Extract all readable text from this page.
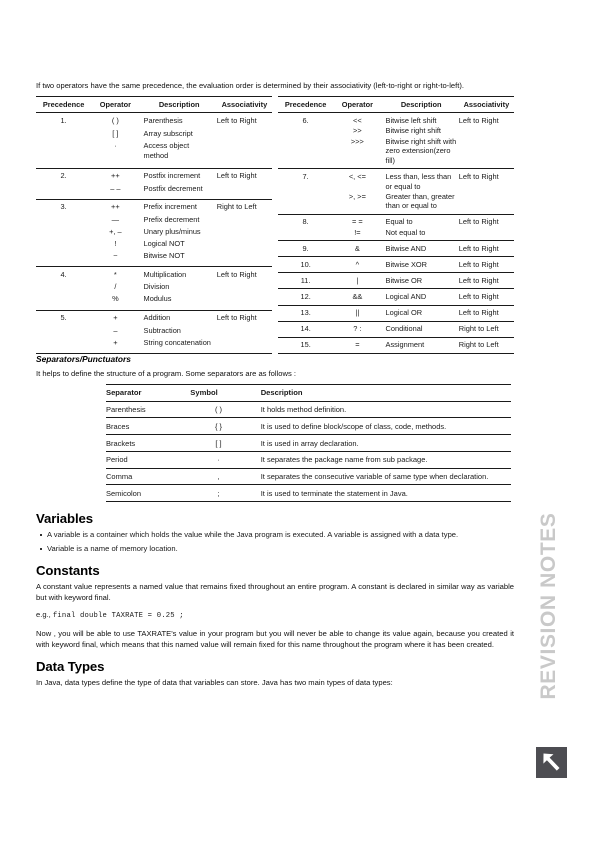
If two operators have the same precedence, the evaluation order is determined by their associativity (left-to-right or right-to-left).

Precedence	Operator	Description	Associativity
1.	( )	Parenthesis	Left to Right
	[ ]	Array subscript	
	·	Access object method	
2.	++	Postfix increment	Left to Right
	– –	Postfix decrement	
3.	++	Prefix increment	Right to Left
	—	Prefix decrement	
	+, –	Unary plus/minus	
	!	Logical NOT	
	~	Bitwise NOT	
4.	*	Multiplication	Left to Right
	/	Division	
	%	Modulus	
5.	+	Addition	Left to Right
	–	Subtraction	
	+	String concatenation	

Precedence	Operator	Description	Associativity
6.	<<	Bitwise left shift	Left to Right
	>>	Bitwise right shift	
	>>>	Bitwise right shift with zero extension(zero fill)	
7.	<, <=	Less than, less than or equal to	Left to Right
	>, >=	Greater than, greater than or equal to	
8.	= =	Equal to	Left to Right
	!=	Not equal to	
9.	&	Bitwise AND	Left to Right
10.	^	Bitwise XOR	Left to Right
11.	|	Bitwise OR	Left to Right
12.	&&	Logical AND	Left to Right
13.	||	Logical OR	Left to Right
14.	? :	Conditional	Right to Left
15.	=	Assignment	Right to Left

Separators/Punctuators

It helps to define the structure of a program. Some separators are as follows :

Separator	Symbol	Description
Parenthesis	( )	It holds method definition.
Braces	{ }	It is used to define block/scope of class, code, methods.
Brackets	[ ]	It is used in array declaration.
Period	·	It separates the package name from sub package.
Comma	,	It separates the consecutive variable of same type when declaration.
Semicolon	;	It is used to terminate the statement in Java.
Variables
A variable is a container which holds the value while the Java program is executed. A variable is assigned with a data type.
Variable is a name of memory location.
Constants

A constant value represents a named value that remains fixed throughout an entire program. A constant is declared in similar way as variable but with keyword final.

e.g., final double TAXRATE = 0.25 ;

Now , you will be able to use TAXRATE's value in your program but you will never be able to change its value again, because you created it with keyword final, which means that this named value will remain fixed for this name throughout the program where it has been created.

Data Types

In Java, data types define the type of data that variables can store. Java has two main types of data types:	REVISION NOTES
